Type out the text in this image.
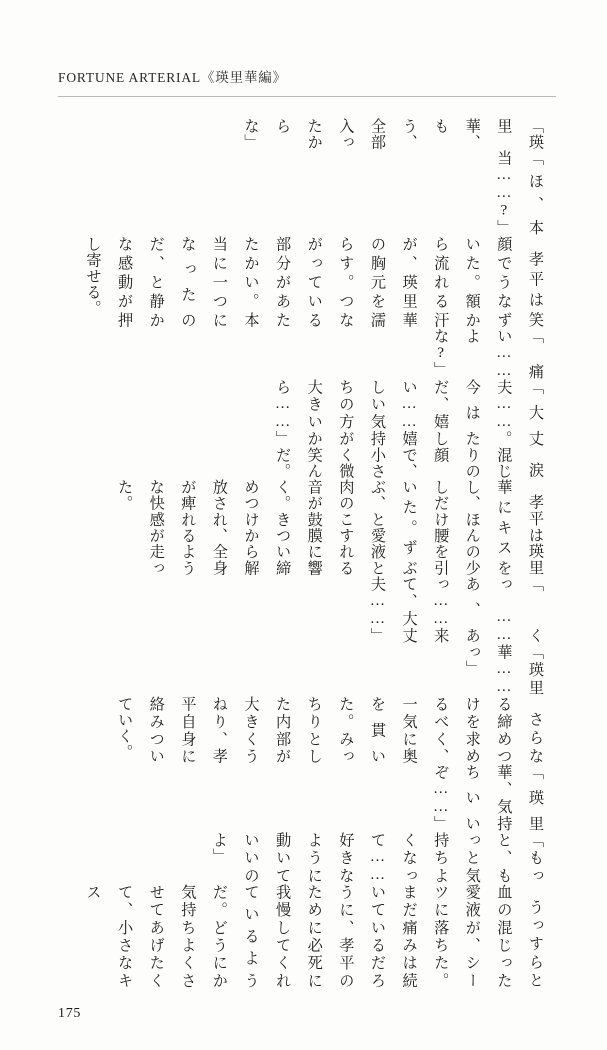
FORTUNE ARTERIAL《瑛里華編》

「瑛里華、もう、全部入ったからな」

「ほ、本当……?」

孝平は笑顔でうなずいた。額から流れる汗が、瑛里華の胸元を濡らす。つながっている部分があたたかい。本当に一つになったのだ、と静かな感動が押し寄せる。

「痛い……よな?」

「大丈夫……。今はただ、嬉しい……嬉しい気持ちの方が大きいから……」

涙混じりの顔で、小さく微笑んだ。

孝平は瑛里華にキスをし、ほんの少しだけ腰を引いた。ずぶぶ、と愛液と肉のこすれる音が鼓膜に響く。きつい締めつけから解放され、全身が痺れるような快感が走った。

「くっ……あ、あっ……来て、大丈夫……」

「瑛里華……っ」

さらなる締めつけを求めるべく、一気に奥を貫いた。みっちりとした内部が大きくうねり、孝平自身に絡みついていく。

「瑛里華、気持ちいいぞ……」

「もっと、もっと気持ちよくなって……好きなように動いていいのよ」

うっすらと血の混じった愛液が、シーツに落ちた。まだ痛みは続いているだろうに、孝平のために必死に我慢してくれているようだ。どうにか気持ちよくさせてあげたくて、小さなキス

175
